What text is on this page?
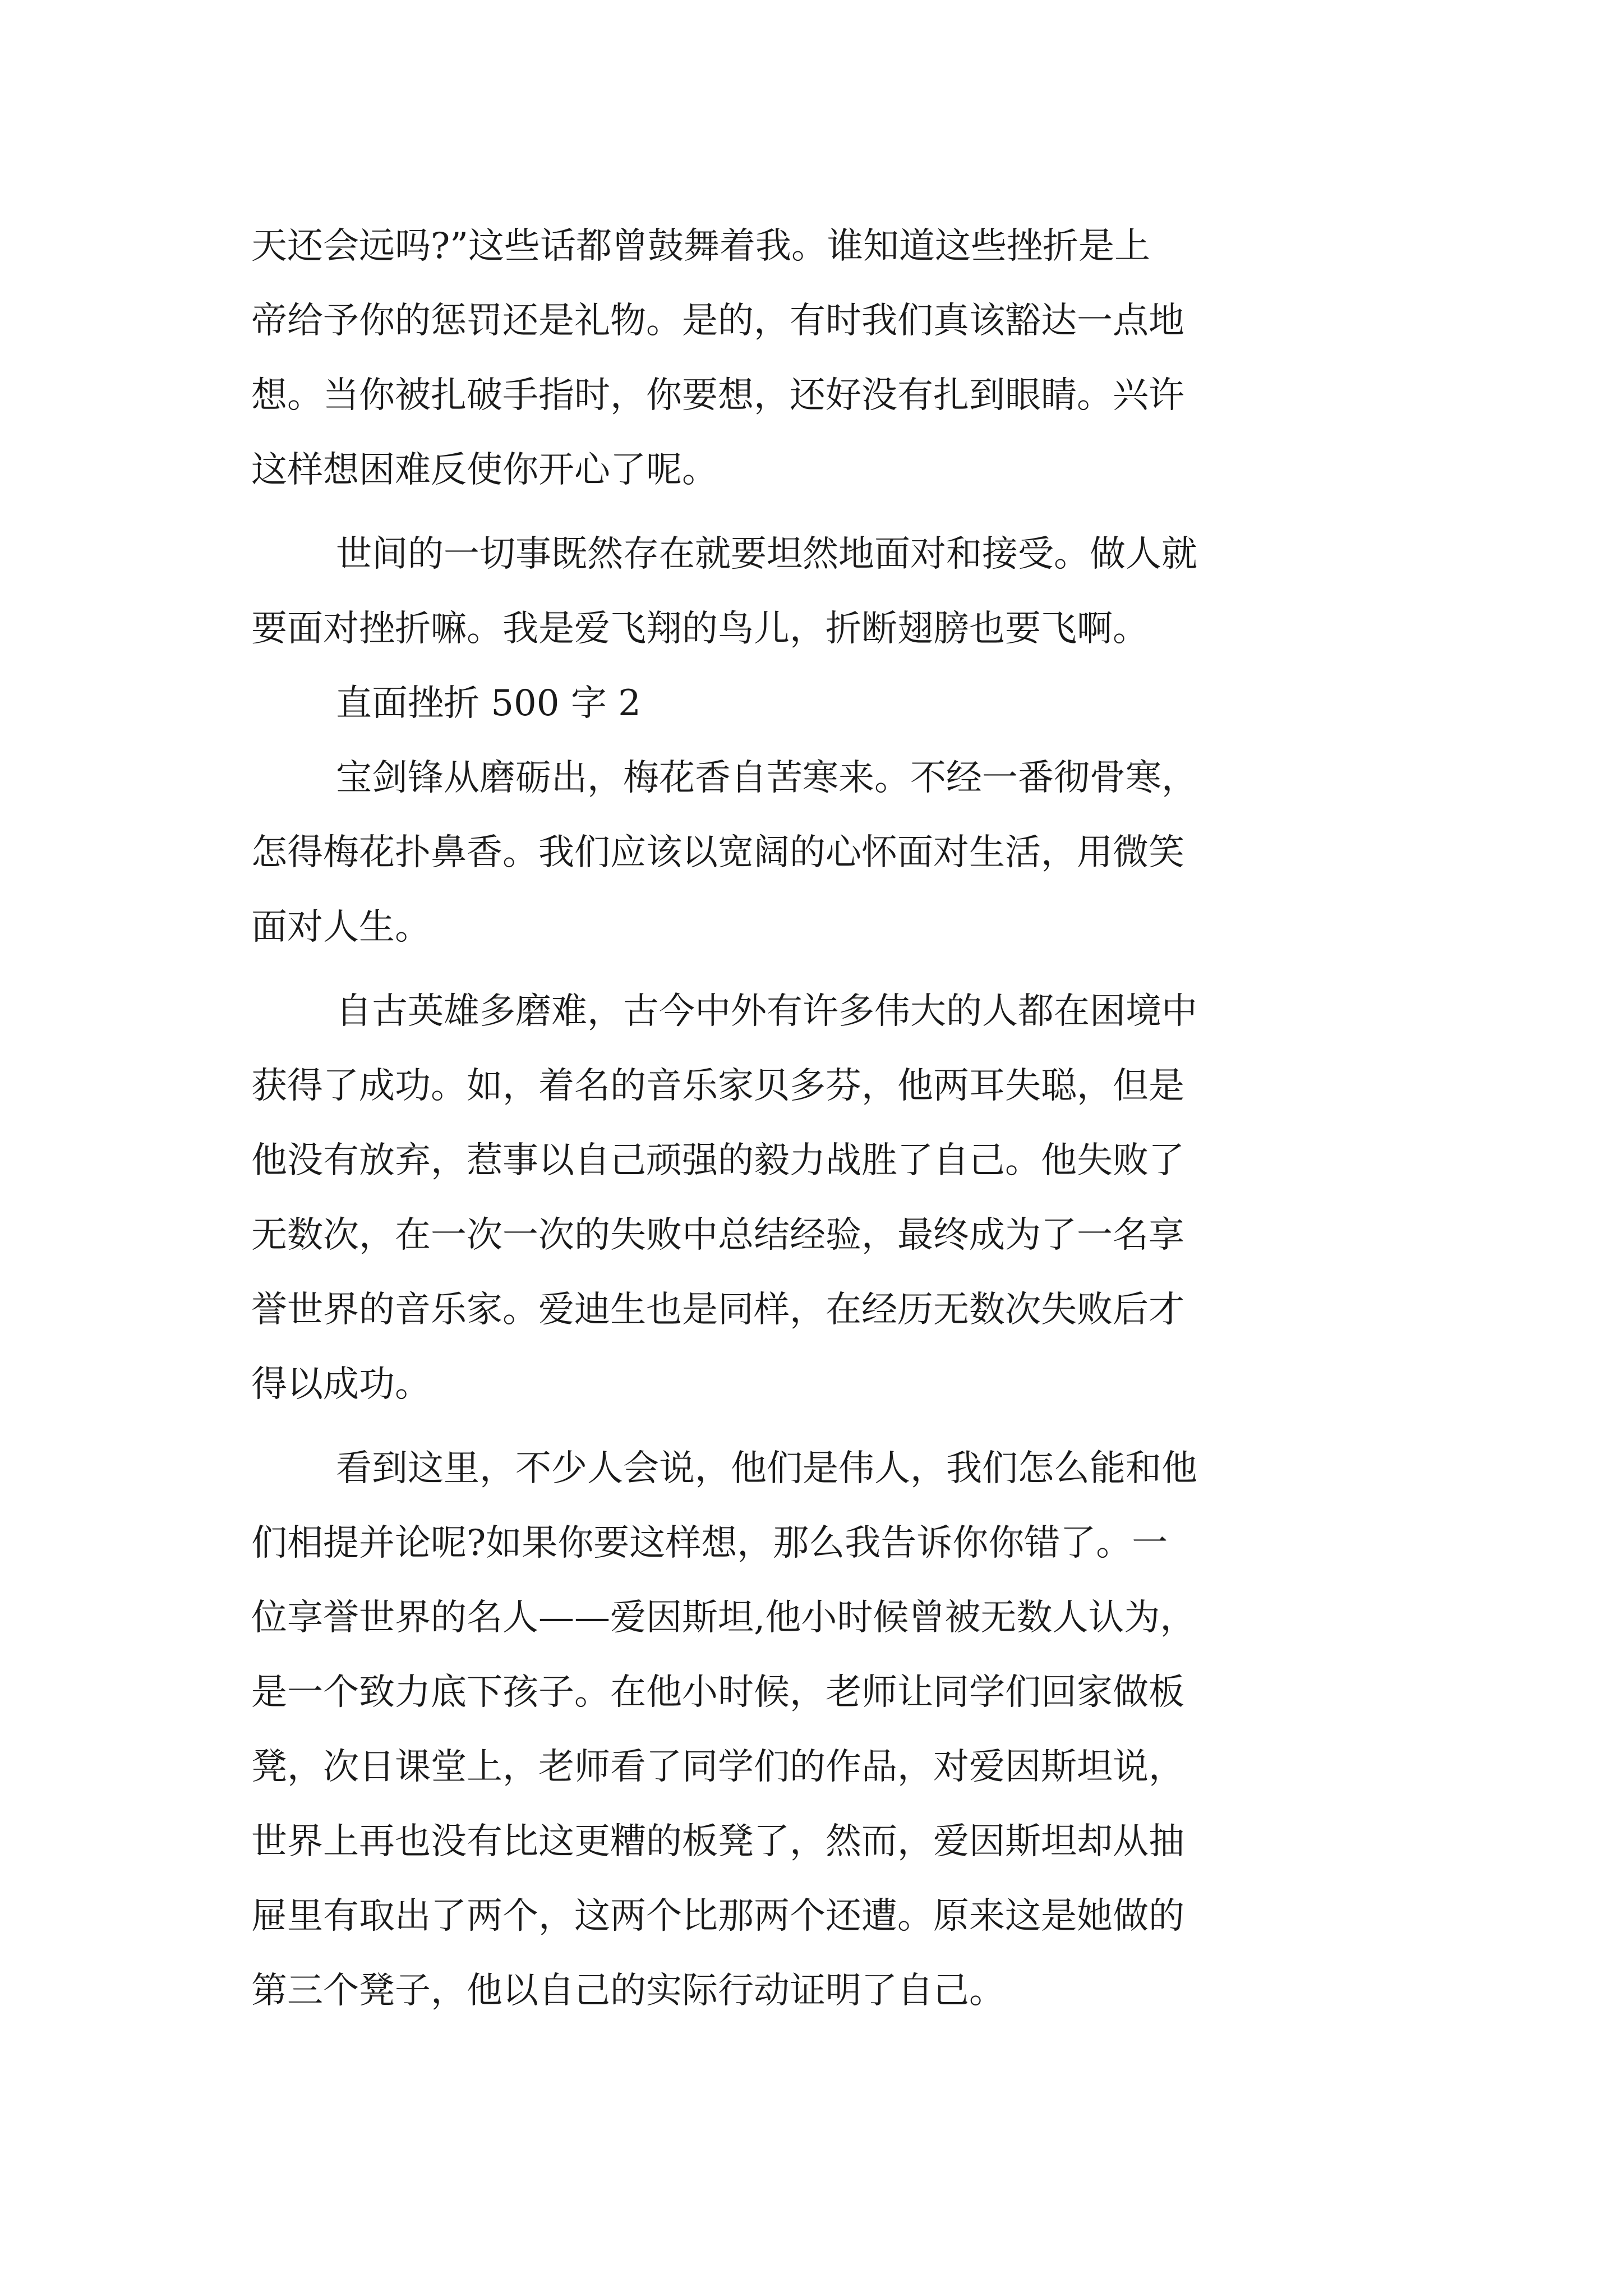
天还会远吗?”这些话都曾鼓舞着我。谁知道这些挫折是上
帝给予你的惩罚还是礼物。是的，有时我们真该豁达一点地
想。当你被扎破手指时，你要想，还好没有扎到眼睛。兴许
这样想困难反使你开心了呢。
世间的一切事既然存在就要坦然地面对和接受。做人就
要面对挫折嘛。我是爱飞翔的鸟儿，折断翅膀也要飞啊。
直面挫折 500 字 2
宝剑锋从磨砺出，梅花香自苦寒来。不经一番彻骨寒，
怎得梅花扑鼻香。我们应该以宽阔的心怀面对生活，用微笑
面对人生。
自古英雄多磨难，古今中外有许多伟大的人都在困境中
获得了成功。如，着名的音乐家贝多芬，他两耳失聪，但是
他没有放弃，惹事以自己顽强的毅力战胜了自己。他失败了
无数次，在一次一次的失败中总结经验，最终成为了一名享
誉世界的音乐家。爱迪生也是同样，在经历无数次失败后才
得以成功。
看到这里，不少人会说，他们是伟人，我们怎么能和他
们相提并论呢?如果你要这样想，那么我告诉你你错了。一
位享誉世界的名人——爱因斯坦,他小时候曾被无数人认为，
是一个致力底下孩子。在他小时候，老师让同学们回家做板
凳，次日课堂上，老师看了同学们的作品，对爱因斯坦说，
世界上再也没有比这更糟的板凳了，然而，爱因斯坦却从抽
屉里有取出了两个，这两个比那两个还遭。原来这是她做的
第三个凳子，他以自己的实际行动证明了自己。
